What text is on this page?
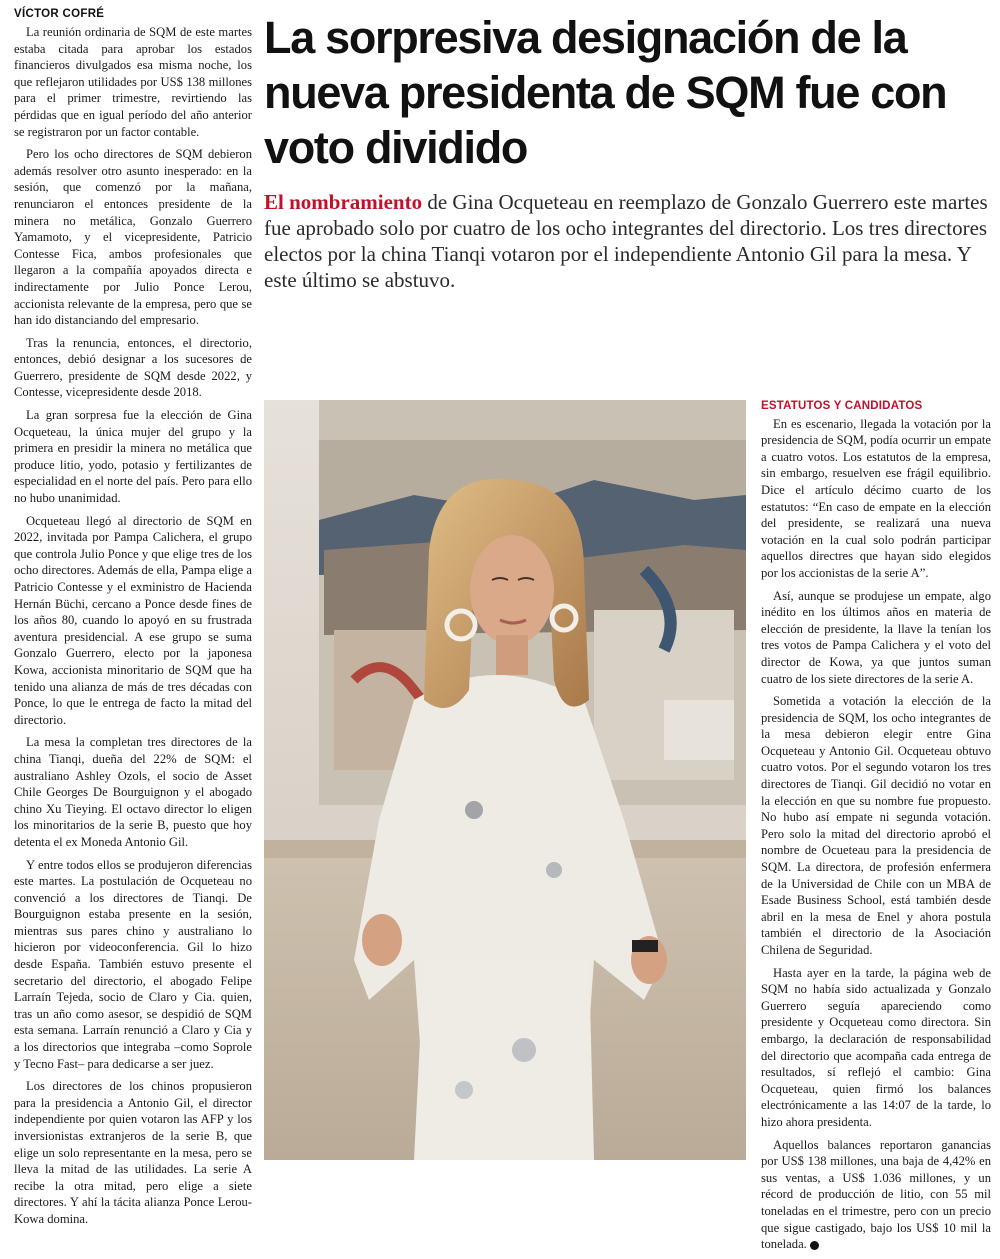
VÍCTOR COFRÉ

La reunión ordinaria de SQM de este martes estaba citada para aprobar los estados financieros divulgados esa misma noche, los que reflejaron utilidades por US$ 138 millones para el primer trimestre, revirtiendo las pérdidas que en igual período del año anterior se registraron por un factor contable.

Pero los ocho directores de SQM debieron además resolver otro asunto inesperado: en la sesión, que comenzó por la mañana, renunciaron el entonces presidente de la minera no metálica, Gonzalo Guerrero Yamamoto, y el vicepresidente, Patricio Contesse Fica, ambos profesionales que llegaron a la compañía apoyados directa e indirectamente por Julio Ponce Lerou, accionista relevante de la empresa, pero que se han ido distanciando del empresario.

Tras la renuncia, entonces, el directorio, entonces, debió designar a los sucesores de Guerrero, presidente de SQM desde 2022, y Contesse, vicepresidente desde 2018.

La gran sorpresa fue la elección de Gina Ocqueteau, la única mujer del grupo y la primera en presidir la minera no metálica que produce litio, yodo, potasio y fertilizantes de especialidad en el norte del país. Pero para ello no hubo unanimidad.

Ocqueteau llegó al directorio de SQM en 2022, invitada por Pampa Calichera, el grupo que controla Julio Ponce y que elige tres de los ocho directores. Además de ella, Pampa elige a Patricio Contesse y el exministro de Hacienda Hernán Büchi, cercano a Ponce desde fines de los años 80, cuando lo apoyó en su frustrada aventura presidencial. A ese grupo se suma Gonzalo Guerrero, electo por la japonesa Kowa, accionista minoritario de SQM que ha tenido una alianza de más de tres décadas con Ponce, lo que le entrega de facto la mitad del directorio.

La mesa la completan tres directores de la china Tianqi, dueña del 22% de SQM: el australiano Ashley Ozols, el socio de Asset Chile Georges De Bourguignon y el abogado chino Xu Tieying. El octavo director lo eligen los minoritarios de la serie B, puesto que hoy detenta el ex Moneda Antonio Gil.

Y entre todos ellos se produjeron diferencias este martes. La postulación de Ocqueteau no convenció a los directores de Tianqi. De Bourguignon estaba presente en la sesión, mientras sus pares chino y australiano lo hicieron por videoconferencia. Gil lo hizo desde España. También estuvo presente el secretario del directorio, el abogado Felipe Larraín Tejeda, socio de Claro y Cia. quien, tras un año como asesor, se despidió de SQM esta semana. Larraín renunció a Claro y Cia y a los directorios que integraba –como Soprole y Tecno Fast– para dedicarse a ser juez.

Los directores de los chinos propusieron para la presidencia a Antonio Gil, el director independiente por quien votaron las AFP y los inversionistas extranjeros de la serie B, que elige un solo representante en la mesa, pero se lleva la mitad de las utilidades. La serie A recibe la otra mitad, pero elige a siete directores. Y ahí la tácita alianza Ponce Lerou-Kowa domina.

La sorpresiva designación de la nueva presidenta de SQM fue con voto dividido

El nombramiento de Gina Ocqueteau en reemplazo de Gonzalo Guerrero este martes fue aprobado solo por cuatro de los ocho integrantes del directorio. Los tres directores electos por la china Tianqi votaron por el independiente Antonio Gil para la mesa. Y este último se abstuvo.

ESTATUTOS Y CANDIDATOS

En es escenario, llegada la votación por la presidencia de SQM, podía ocurrir un empate a cuatro votos. Los estatutos de la empresa, sin embargo, resuelven ese frágil equilibrio. Dice el artículo décimo cuarto de los estatutos: “En caso de empate en la elección del presidente, se realizará una nueva votación en la cual solo podrán participar aquellos directres que hayan sido elegidos por los accionistas de la serie A”.

Así, aunque se produjese un empate, algo inédito en los últimos años en materia de elección de presidente, la llave la tenían los tres votos de Pampa Calichera y el voto del director de Kowa, ya que juntos suman cuatro de los siete directores de la serie A.

Sometida a votación la elección de la presidencia de SQM, los ocho integrantes de la mesa debieron elegir entre Gina Ocqueteau y Antonio Gil. Ocqueteau obtuvo cuatro votos. Por el segundo votaron los tres directores de Tianqi. Gil decidió no votar en la elección en que su nombre fue propuesto. No hubo así empate ni segunda votación. Pero solo la mitad del directorio aprobó el nombre de Ocueteau para la presidencia de SQM. La directora, de profesión enfermera de la Universidad de Chile con un MBA de Esade Business School, está también desde abril en la mesa de Enel y ahora postula también el directorio de la Asociación Chilena de Seguridad.

Hasta ayer en la tarde, la página web de SQM no había sido actualizada y Gonzalo Guerrero seguía apareciendo como presidente y Ocqueteau como directora. Sin embargo, la declaración de responsabilidad del directorio que acompaña cada entrega de resultados, sí reflejó el cambio: Gina Ocqueteau, quien firmó los balances electrónicamente a las 14:07 de la tarde, lo hizo ahora presidenta.

Aquellos balances reportaron ganancias por US$ 138 millones, una baja de 4,42% en sus ventas, a US$ 1.036 millones, y un récord de producción de litio, con 55 mil toneladas en el trimestre, pero con un precio que sigue castigado, bajo los US$ 10 mil la tonelada.	P
